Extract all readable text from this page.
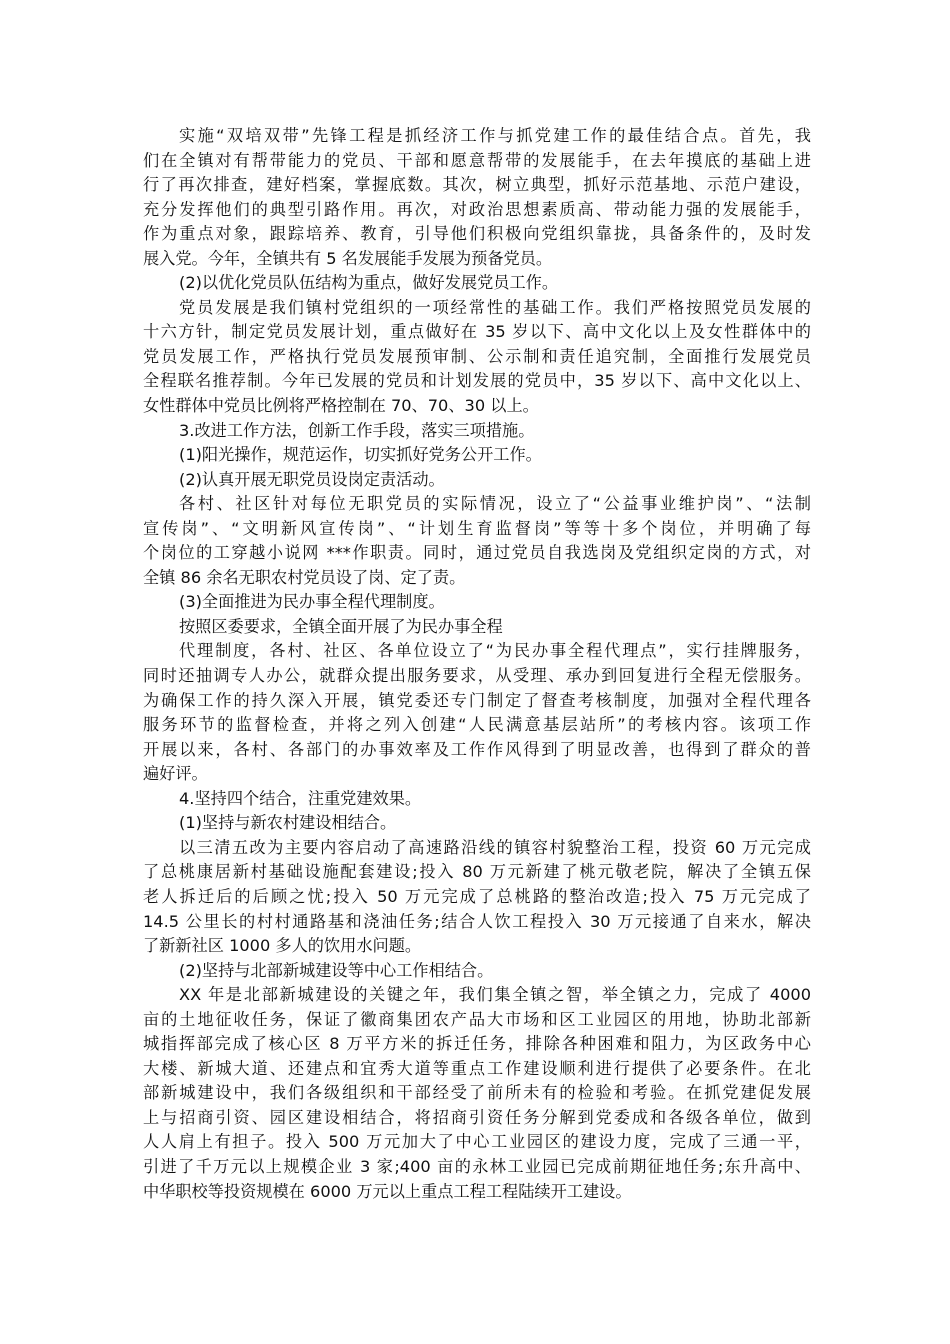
实施“双培双带”先锋工程是抓经济工作与抓党建工作的最佳结合点。首先，我
们在全镇对有帮带能力的党员、干部和愿意帮带的发展能手，在去年摸底的基础上进
行了再次排查，建好档案，掌握底数。其次，树立典型，抓好示范基地、示范户建设，
充分发挥他们的典型引路作用。再次，对政治思想素质高、带动能力强的发展能手，
作为重点对象，跟踪培养、教育，引导他们积极向党组织靠拢，具备条件的，及时发
展入党。今年，全镇共有 5 名发展能手发展为预备党员。
(2)以优化党员队伍结构为重点，做好发展党员工作。
党员发展是我们镇村党组织的一项经常性的基础工作。我们严格按照党员发展的
十六方针，制定党员发展计划，重点做好在 35 岁以下、高中文化以上及女性群体中的
党员发展工作，严格执行党员发展预审制、公示制和责任追究制，全面推行发展党员
全程联名推荐制。今年已发展的党员和计划发展的党员中，35 岁以下、高中文化以上、
女性群体中党员比例将严格控制在 70、70、30 以上。
3.改进工作方法，创新工作手段，落实三项措施。
(1)阳光操作，规范运作，切实抓好党务公开工作。
(2)认真开展无职党员设岗定责活动。
各村、社区针对每位无职党员的实际情况，设立了“公益事业维护岗”、“法制
宣传岗”、“文明新风宣传岗”、“计划生育监督岗”等等十多个岗位，并明确了每
个岗位的工穿越小说网 ***作职责。同时，通过党员自我选岗及党组织定岗的方式，对
全镇 86 余名无职农村党员设了岗、定了责。
(3)全面推进为民办事全程代理制度。
按照区委要求，全镇全面开展了为民办事全程
代理制度，各村、社区、各单位设立了“为民办事全程代理点”，实行挂牌服务，
同时还抽调专人办公，就群众提出服务要求，从受理、承办到回复进行全程无偿服务。
为确保工作的持久深入开展，镇党委还专门制定了督查考核制度，加强对全程代理各
服务环节的监督检查，并将之列入创建“人民满意基层站所”的考核内容。该项工作
开展以来，各村、各部门的办事效率及工作作风得到了明显改善，也得到了群众的普
遍好评。
4.坚持四个结合，注重党建效果。
(1)坚持与新农村建设相结合。
以三清五改为主要内容启动了高速路沿线的镇容村貌整治工程，投资 60 万元完成
了总桃康居新村基础设施配套建设;投入 80 万元新建了桃元敬老院，解决了全镇五保
老人拆迁后的后顾之忧;投入 50 万元完成了总桃路的整治改造;投入 75 万元完成了
14.5 公里长的村村通路基和浇油任务;结合人饮工程投入 30 万元接通了自来水，解决
了新新社区 1000 多人的饮用水问题。
(2)坚持与北部新城建设等中心工作相结合。
XX 年是北部新城建设的关键之年，我们集全镇之智，举全镇之力，完成了 4000
亩的土地征收任务，保证了徽商集团农产品大市场和区工业园区的用地，协助北部新
城指挥部完成了核心区 8 万平方米的拆迁任务，排除各种困难和阻力，为区政务中心
大楼、新城大道、还建点和宜秀大道等重点工作建设顺利进行提供了必要条件。在北
部新城建设中，我们各级组织和干部经受了前所未有的检验和考验。在抓党建促发展
上与招商引资、园区建设相结合，将招商引资任务分解到党委成和各级各单位，做到
人人肩上有担子。投入 500 万元加大了中心工业园区的建设力度，完成了三通一平，
引进了千万元以上规模企业 3 家;400 亩的永林工业园已完成前期征地任务;东升高中、
中华职校等投资规模在 6000 万元以上重点工程工程陆续开工建设。
